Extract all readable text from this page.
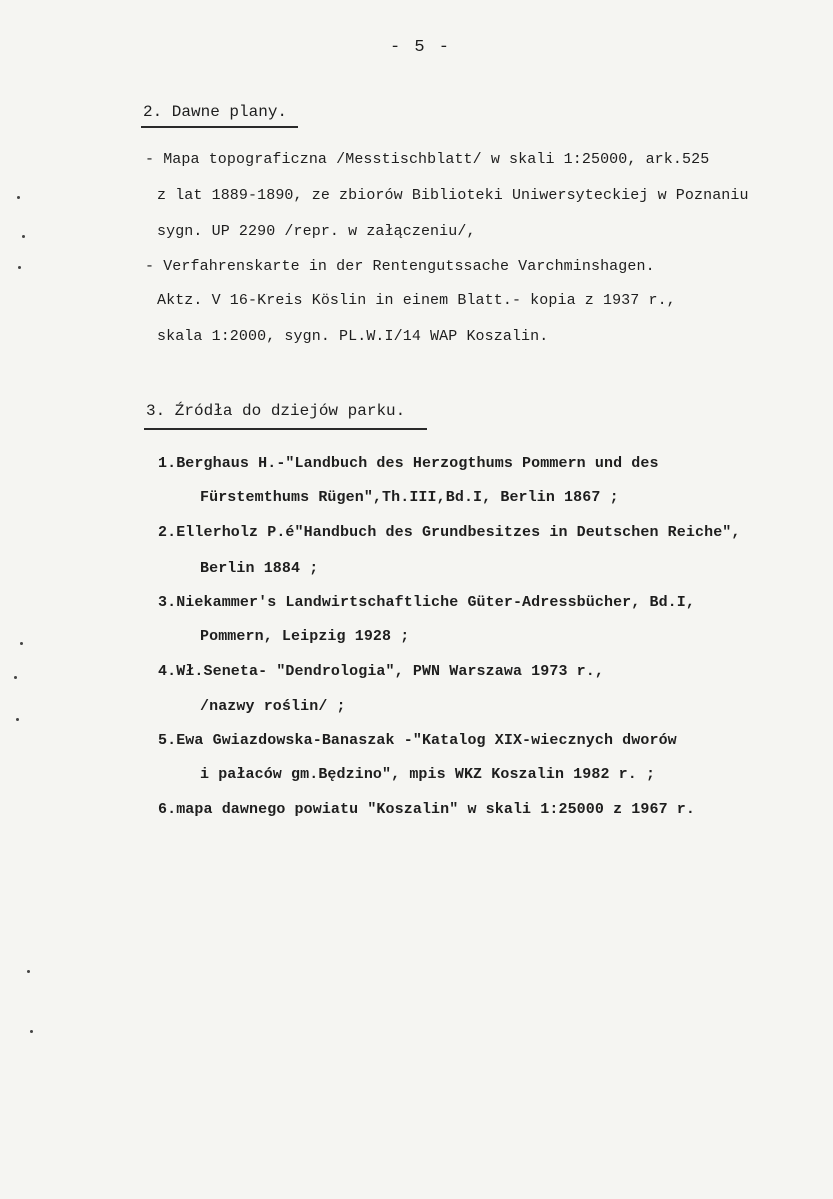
- 5 -
2. Dawne plany.
- Mapa topograficzna /Messtischblatt/ w skali 1:25000, ark.525
z lat 1889-1890, ze zbiorów Biblioteki Uniwersyteckiej w Poznaniu
sygn. UP 2290 /repr. w załączeniu/,
- Verfahrenskarte in der Rentengutssache Varchminshagen.
Aktz. V 16-Kreis Köslin in einem Blatt.- kopia z 1937 r.,
skala 1:2000, sygn. PL.W.I/14 WAP Koszalin.
3. Źródła do dziejów parku.
1.Berghaus H.-"Landbuch des Herzogthums Pommern und des
Fürstemthums Rügen",Th.III,Bd.I, Berlin 1867 ;
2.Ellerholz P.é"Handbuch des Grundbesitzes in Deutschen Reiche",
Berlin 1884 ;
3.Niekammer's Landwirtschaftliche Güter-Adressbücher, Bd.I,
Pommern, Leipzig 1928 ;
4.Wł.Seneta- "Dendrologia", PWN Warszawa 1973 r.,
/nazwy roślin/ ;
5.Ewa Gwiazdowska-Banaszak -"Katalog XIX-wiecznych dworów
i pałaców gm.Będzino", mpis WKZ Koszalin 1982 r. ;
6.mapa dawnego powiatu "Koszalin" w skali 1:25000 z 1967 r.
